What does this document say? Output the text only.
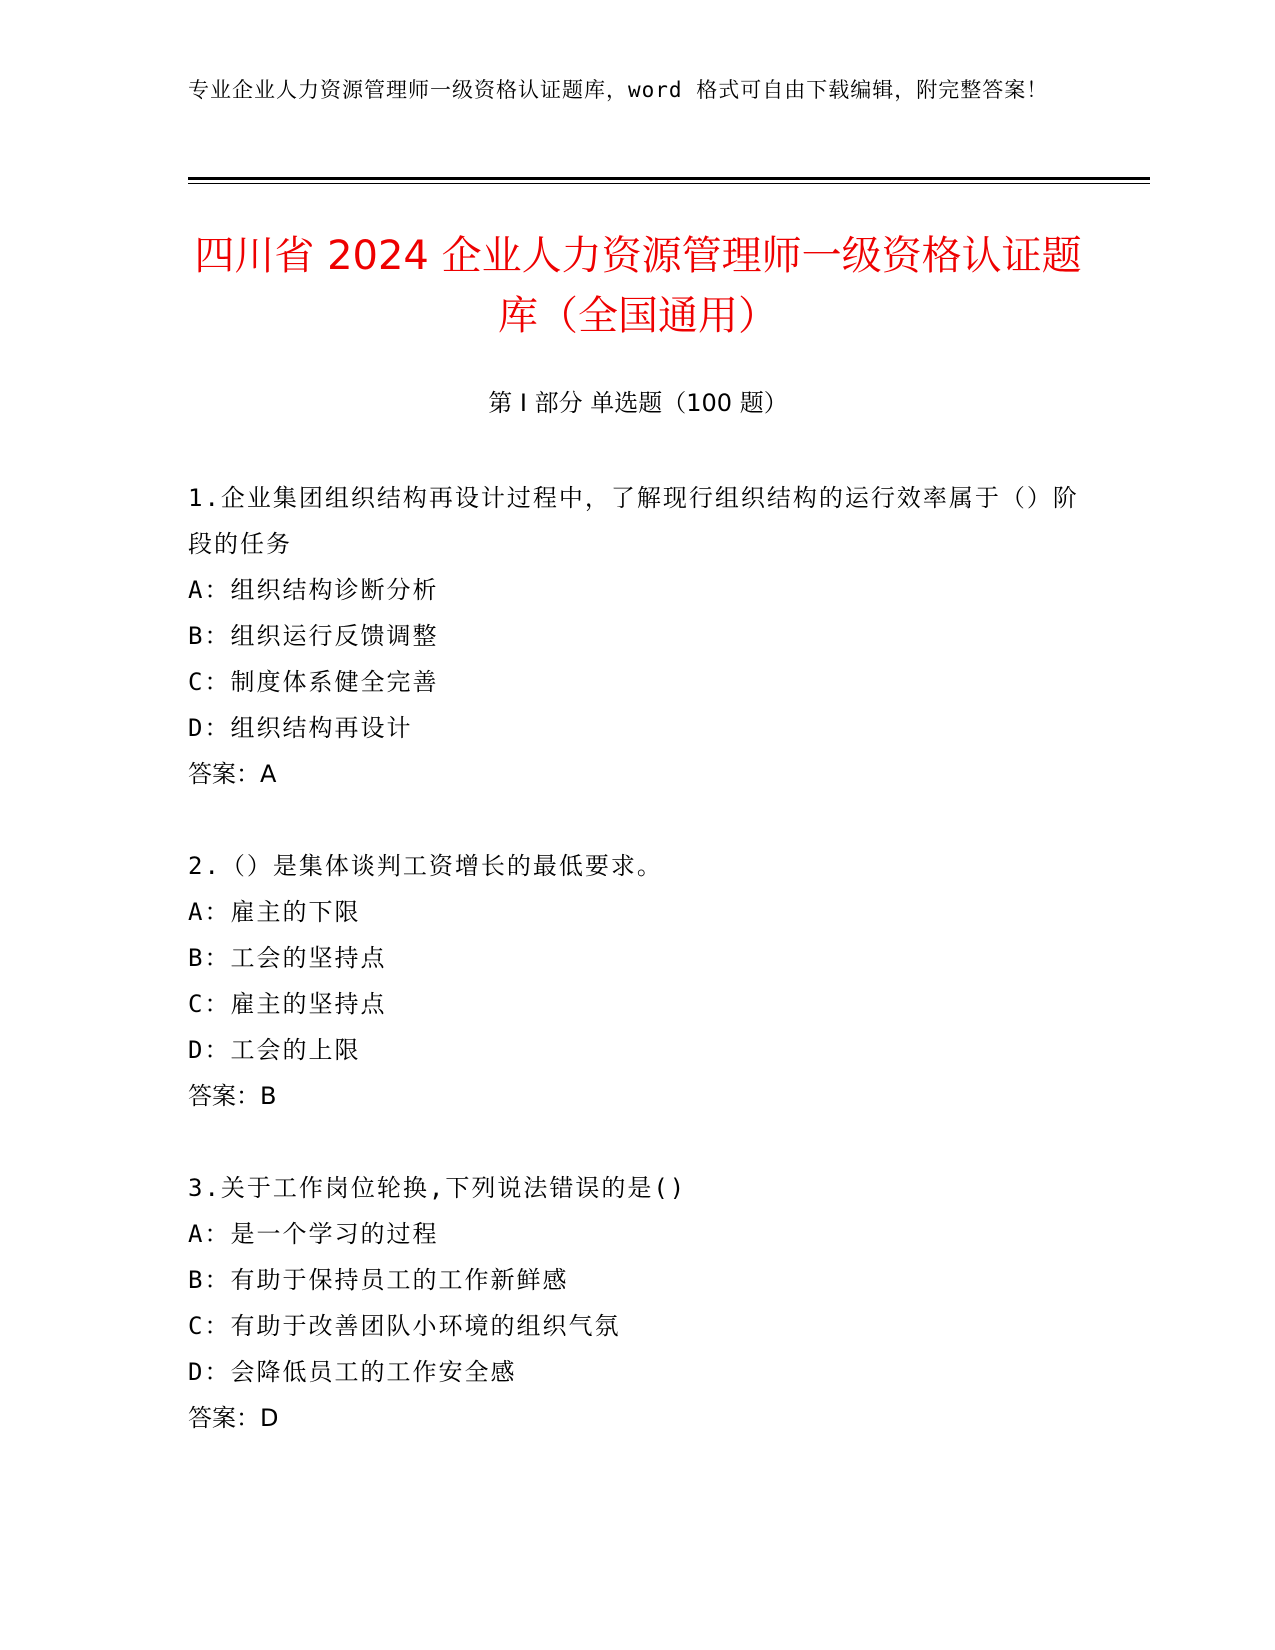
专业企业人力资源管理师一级资格认证题库，word 格式可自由下载编辑，附完整答案！
四川省 2024 企业人力资源管理师一级资格认证题库（全国通用）
第 I 部分 单选题（100 题）

1.企业集团组织结构再设计过程中，了解现行组织结构的运行效率属于（）阶段的任务

A：组织结构诊断分析

B：组织运行反馈调整

C：制度体系健全完善

D：组织结构再设计

答案：A

2.（）是集体谈判工资增长的最低要求。

A：雇主的下限

B：工会的坚持点

C：雇主的坚持点

D：工会的上限

答案：B

3.关于工作岗位轮换,下列说法错误的是()

A：是一个学习的过程

B：有助于保持员工的工作新鲜感

C：有助于改善团队小环境的组织气氛

D：会降低员工的工作安全感

答案：D
